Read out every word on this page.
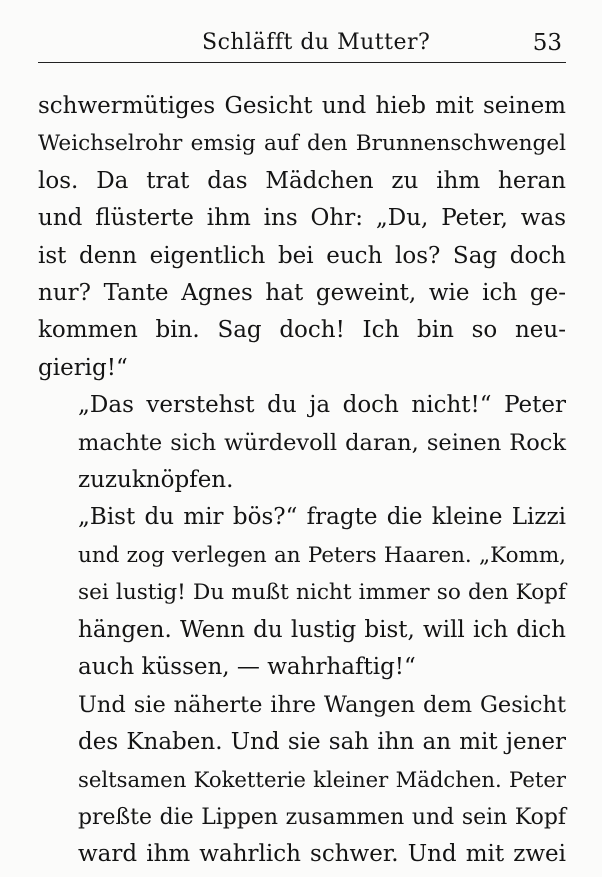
Schläfft du Mutter?	53

schwermütiges Gesicht und hieb mit seinem
Weichselrohr emsig auf den Brunnenschwengel
los. Da trat das Mädchen zu ihm heran
und flüsterte ihm ins Ohr: „Du, Peter, was
ist denn eigentlich bei euch los? Sag doch
nur? Tante Agnes hat geweint, wie ich ge-
kommen bin. Sag doch! Ich bin so neu-
gierig!“

„Das verstehst du ja doch nicht!“ Peter
machte sich würdevoll daran, seinen Rock
zuzuknöpfen.

„Bist du mir bös?“ fragte die kleine Lizzi
und zog verlegen an Peters Haaren. „Komm,
sei lustig! Du mußt nicht immer so den Kopf
hängen. Wenn du lustig bist, will ich dich
auch küssen, — wahrhaftig!“

Und sie näherte ihre Wangen dem Gesicht
des Knaben. Und sie sah ihn an mit jener
seltsamen Koketterie kleiner Mädchen. Peter
preßte die Lippen zusammen und sein Kopf
ward ihm wahrlich schwer. Und mit zwei
